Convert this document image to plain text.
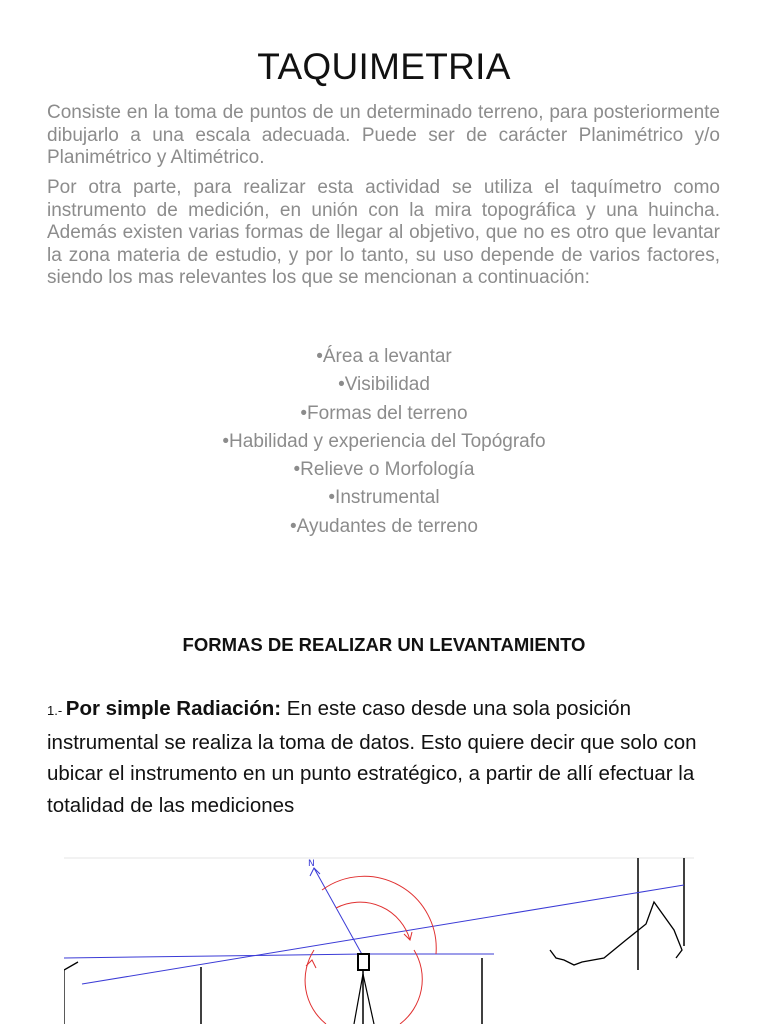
TAQUIMETRIA

Consiste en la toma de puntos de un determinado terreno, para posteriormente dibujarlo a una escala adecuada. Puede ser de carácter Planimétrico y/o Planimétrico y Altimétrico.

Por otra parte, para realizar esta actividad se utiliza el taquímetro como instrumento de medición, en unión con la mira topográfica y una huincha. Además existen varias formas de llegar al objetivo, que no es otro que levantar la zona materia de estudio, y por lo tanto, su uso depende de varios factores, siendo los mas relevantes los que se mencionan a continuación:

•Área a levantar
•Visibilidad
•Formas del terreno
•Habilidad y experiencia del Topógrafo
•Relieve o Morfología
•Instrumental
•Ayudantes de terreno
FORMAS DE REALIZAR UN LEVANTAMIENTO

1.- Por simple Radiación: En este caso desde una sola posición instrumental se realiza la toma de datos. Esto quiere decir que solo con ubicar el instrumento en un punto estratégico, a partir de allí efectuar la totalidad de las mediciones

N
